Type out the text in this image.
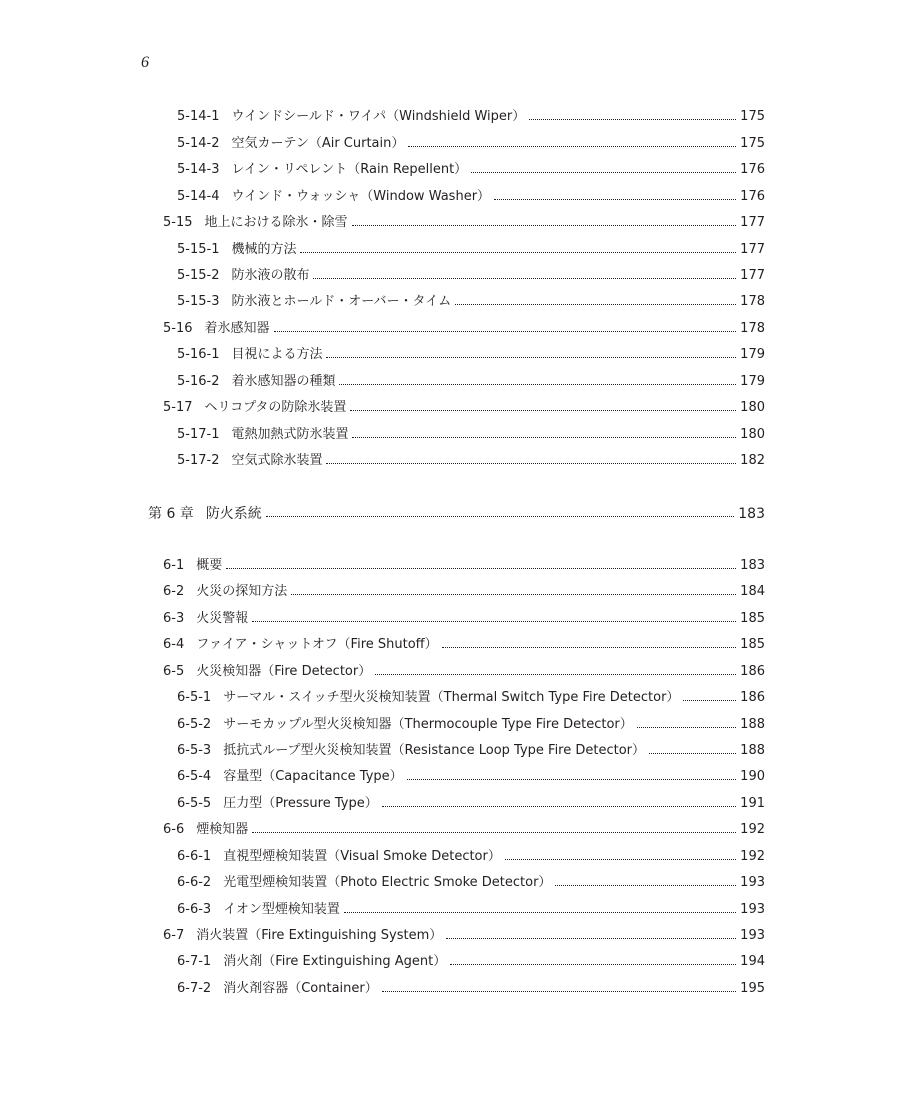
6
5-14-1 ウインドシールド・ワイパ（Windshield Wiper）	175
5-14-2 空気カーテン（Air Curtain）	175
5-14-3 レイン・リペレント（Rain Repellent）	176
5-14-4 ウインド・ウォッシャ（Window Washer）	176
5-15 地上における除氷・除雪	177
5-15-1 機械的方法	177
5-15-2 防氷液の散布	177
5-15-3 防氷液とホールド・オーバー・タイム	178
5-16 着氷感知器	178
5-16-1 目視による方法	179
5-16-2 着氷感知器の種類	179
5-17 ヘリコプタの防除氷装置	180
5-17-1 電熱加熱式防氷装置	180
5-17-2 空気式除氷装置	182
第 6 章 防火系統	183
6-1 概要	183
6-2 火災の探知方法	184
6-3 火災警報	185
6-4 ファイア・シャットオフ（Fire Shutoff）	185
6-5 火災検知器（Fire Detector）	186
6-5-1 サーマル・スイッチ型火災検知装置（Thermal Switch Type Fire Detector）	186
6-5-2 サーモカップル型火災検知器（Thermocouple Type Fire Detector）	188
6-5-3 抵抗式ループ型火災検知装置（Resistance Loop Type Fire Detector）	188
6-5-4 容量型（Capacitance Type）	190
6-5-5 圧力型（Pressure Type）	191
6-6 煙検知器	192
6-6-1 直視型煙検知装置（Visual Smoke Detector）	192
6-6-2 光電型煙検知装置（Photo Electric Smoke Detector）	193
6-6-3 イオン型煙検知装置	193
6-7 消火装置（Fire Extinguishing System）	193
6-7-1 消火剤（Fire Extinguishing Agent）	194
6-7-2 消火剤容器（Container）	195
